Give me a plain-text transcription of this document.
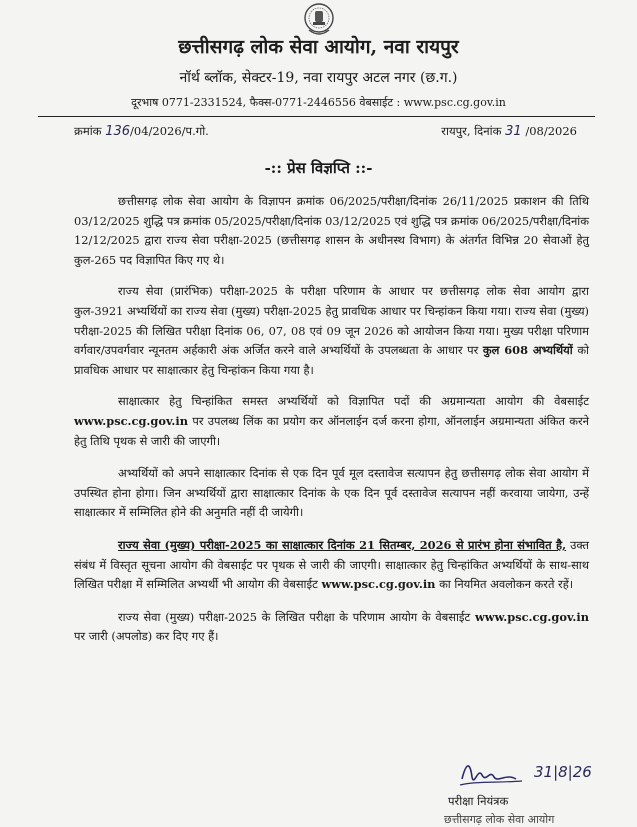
छत्तीसगढ़ लोक सेवा आयोग, नवा रायपुर
नॉर्थ ब्लॉक, सेक्टर-19, नवा रायपुर अटल नगर (छ.ग.)
दूरभाष 0771-2331524, फैक्स-0771-2446556 वेबसाईट : www.psc.cg.gov.in
क्रमांक 136/04/2026/प.गो.	रायपुर, दिनांक 31 /08/2026
-:: प्रेस विज्ञप्ति ::-

छत्तीसगढ़ लोक सेवा आयोग के विज्ञापन क्रमांक 06/2025/परीक्षा/दिनांक 26/11/2025 प्रकाशन की तिथि 03/12/2025 शुद्धि पत्र क्रमांक 05/2025/परीक्षा/दिनांक 03/12/2025 एवं शुद्धि पत्र क्रमांक 06/2025/परीक्षा/दिनांक 12/12/2025 द्वारा राज्य सेवा परीक्षा-2025 (छत्तीसगढ़ शासन के अधीनस्थ विभाग) के अंतर्गत विभिन्न 20 सेवाओं हेतु कुल-265 पद विज्ञापित किए गए थे।

राज्य सेवा (प्रारंभिक) परीक्षा-2025 के परीक्षा परिणाम के आधार पर छत्तीसगढ़ लोक सेवा आयोग द्वारा कुल-3921 अभ्यर्थियों का राज्य सेवा (मुख्य) परीक्षा-2025 हेतु प्रावधिक आधार पर चिन्हांकन किया गया। राज्य सेवा (मुख्य) परीक्षा-2025 की लिखित परीक्षा दिनांक 06, 07, 08 एवं 09 जून 2026 को आयोजन किया गया। मुख्य परीक्षा परिणाम वर्गवार/उपवर्गवार न्यूनतम अर्हकारी अंक अर्जित करने वाले अभ्यर्थियों के उपलब्धता के आधार पर कुल 608 अभ्यर्थियों को प्रावधिक आधार पर साक्षात्कार हेतु चिन्हांकन किया गया है।

साक्षात्कार हेतु चिन्हांकित समस्त अभ्यर्थियों को विज्ञापित पदों की अग्रमान्यता आयोग की वेबसाईट www.psc.cg.gov.in पर उपलब्ध लिंक का प्रयोग कर ऑनलाईन दर्ज करना होगा, ऑनलाईन अग्रमान्यता अंकित करने हेतु तिथि पृथक से जारी की जाएगी।

अभ्यर्थियों को अपने साक्षात्कार दिनांक से एक दिन पूर्व मूल दस्तावेज सत्यापन हेतु छत्तीसगढ़ लोक सेवा आयोग में उपस्थित होना होगा। जिन अभ्यर्थियों द्वारा साक्षात्कार दिनांक के एक दिन पूर्व दस्तावेज सत्यापन नहीं करवाया जायेगा, उन्हें साक्षात्कार में सम्मिलित होने की अनुमति नहीं दी जायेगी।

राज्य सेवा (मुख्य) परीक्षा-2025 का साक्षात्कार दिनांक 21 सितम्बर, 2026 से प्रारंभ होना संभावित है, उक्त संबंध में विस्तृत सूचना आयोग की वेबसाईट पर पृथक से जारी की जाएगी। साक्षात्कार हेतु चिन्हांकित अभ्यर्थियों के साथ-साथ लिखित परीक्षा में सम्मिलित अभ्यर्थी भी आयोग की वेबसाईट www.psc.cg.gov.in का नियमित अवलोकन करते रहें।

राज्य सेवा (मुख्य) परीक्षा-2025 के लिखित परीक्षा के परिणाम आयोग के वेबसाईट www.psc.cg.gov.in पर जारी (अपलोड) कर दिए गए हैं।

31|8|26
परीक्षा नियंत्रक
छत्तीसगढ़ लोक सेवा आयोग
